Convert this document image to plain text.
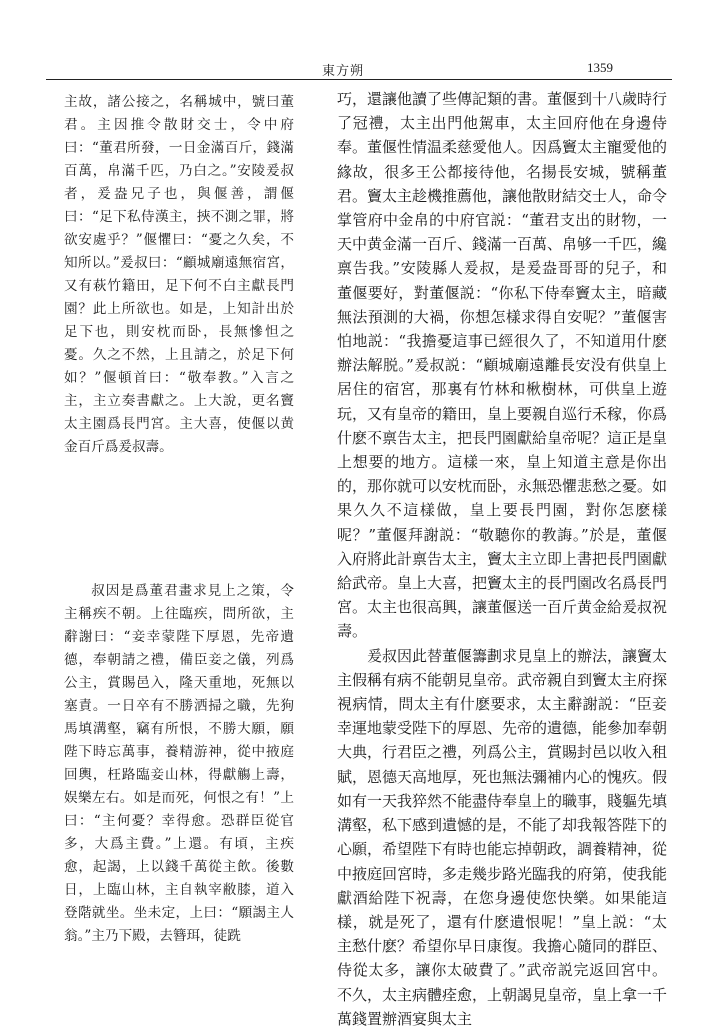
東方朔	1359

主故，諸公接之，名稱城中，號曰董君。主因推令散財交士，令中府曰：“董君所發，一日金滿百斤，錢滿百萬，帛滿千匹，乃白之。”安陵爰叔者，爰盎兄子也，與偃善，謂偃曰：“足下私侍漢主，挾不測之罪，將欲安處乎？”偃懼曰：“憂之久矣，不知所以。”爰叔曰：“顧城廟遠無宿宮，又有萩竹籍田，足下何不白主獻長門園？此上所欲也。如是，上知計出於足下也，則安枕而卧，長無慘怛之憂。久之不然，上且請之，於足下何如？”偃頓首曰：“敬奉教。”入言之主，主立奏書獻之。上大說，更名竇太主園爲長門宮。主大喜，使偃以黄金百斤爲爰叔壽。

叔因是爲董君畫求見上之策，令主稱疾不朝。上往臨疾，問所欲，主辭謝曰：“妾幸蒙陛下厚恩，先帝遺德，奉朝請之禮，備臣妾之儀，列爲公主，賞賜邑入，隆天重地，死無以塞責。一日卒有不勝洒掃之職，先狗馬填溝壑，竊有所恨，不勝大願，願陛下時忘萬事，養精游神，從中掖庭回輿，枉路臨妾山林，得獻觴上壽，娱樂左右。如是而死，何恨之有！”上曰：“主何憂？幸得愈。恐群臣從官多，大爲主費。”上還。有頃，主疾愈，起謁，上以錢千萬從主飲。後數日，上臨山林，主自執宰敝膝，道入登階就坐。坐未定，上曰：“願謁主人翁。”主乃下殿，去簪珥，徒跣

巧，還讓他讀了些傳記類的書。董偃到十八歲時行了冠禮，太主出門他駕車，太主回府他在身邊侍奉。董偃性情温柔慈愛他人。因爲竇太主寵愛他的緣故，很多王公都接待他，名揚長安城，號稱董君。竇太主趁機推薦他，讓他散財結交士人，命令掌管府中金帛的中府官説：“董君支出的財物，一天中黄金滿一百斤、錢滿一百萬、帛够一千匹，纔禀告我。”安陵縣人爰叔，是爰盎哥哥的兒子，和董偃要好，對董偃説：“你私下侍奉竇太主，暗藏無法預測的大禍，你想怎樣求得自安呢？”董偃害怕地説：“我擔憂這事已經很久了，不知道用什麽辦法解脱。”爰叔説：“顧城廟遠離長安没有供皇上居住的宿宮，那裏有竹林和楸樹林，可供皇上遊玩，又有皇帝的籍田，皇上要親自巡行禾稼，你爲什麽不禀告太主，把長門園獻給皇帝呢？這正是皇上想要的地方。這樣一來，皇上知道主意是你出的，那你就可以安枕而卧，永無恐懼悲愁之憂。如果久久不這樣做，皇上要長門園，對你怎麽樣呢？”董偃拜謝説：“敬聽你的教誨。”於是，董偃入府將此計禀告太主，竇太主立即上書把長門園獻給武帝。皇上大喜，把竇太主的長門園改名爲長門宮。太主也很高興，讓董偃送一百斤黄金給爰叔祝壽。

爰叔因此替董偃籌劃求見皇上的辦法，讓竇太主假稱有病不能朝見皇帝。武帝親自到竇太主府探視病情，問太主有什麽要求，太主辭謝説：“臣妾幸運地蒙受陛下的厚恩、先帝的遺德，能參加奉朝大典，行君臣之禮，列爲公主，賞賜封邑以收入租賦，恩德天高地厚，死也無法彌補内心的愧疚。假如有一天我猝然不能盡侍奉皇上的職事，賤軀先填溝壑，私下感到遺憾的是，不能了却我報答陛下的心願，希望陛下有時也能忘掉朝政，調養精神，從中掖庭回宮時，多走幾步路光臨我的府第，使我能獻酒給陛下祝壽，在您身邊使您快樂。如果能這樣，就是死了，還有什麽遺恨呢！”皇上説：“太主愁什麽？希望你早日康復。我擔心隨同的群臣、侍從太多，讓你太破費了。”武帝説完返回宮中。不久，太主病體痊愈，上朝謁見皇帝，皇上拿一千萬錢置辦酒宴與太主
